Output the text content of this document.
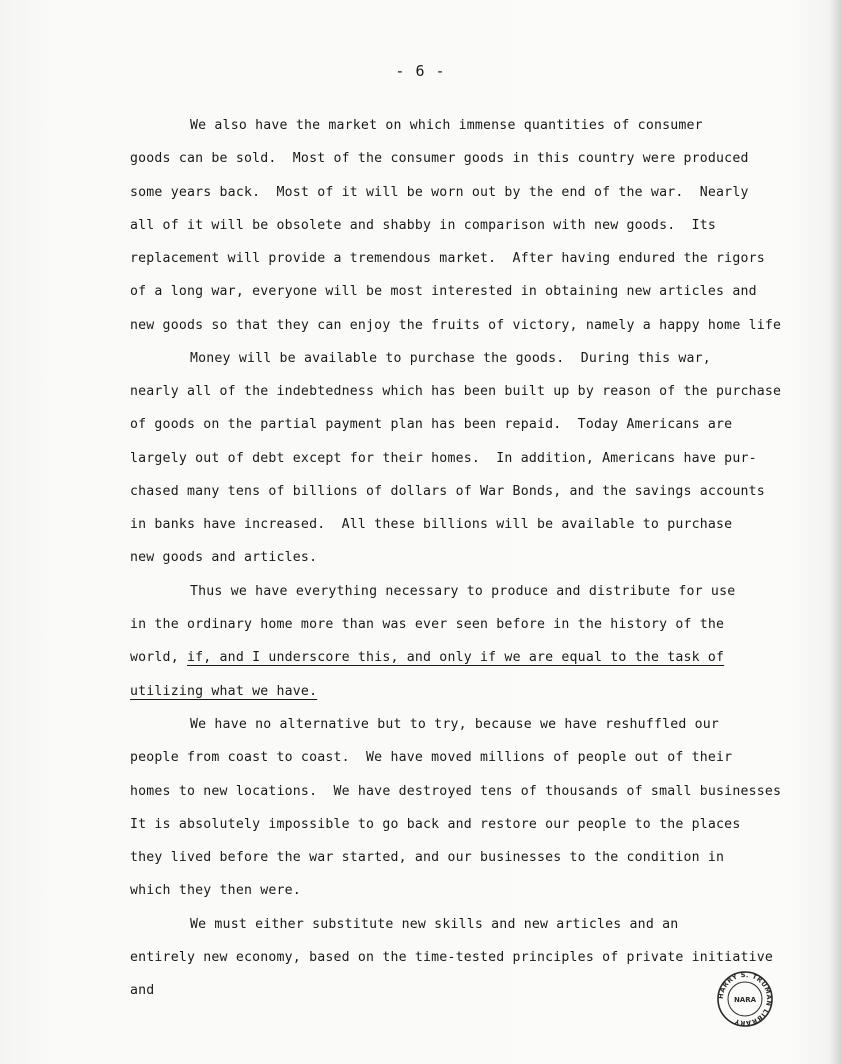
- 6 -
We also have the market on which immense quantities of consumer
goods can be sold.  Most of the consumer goods in this country were produced
some years back.  Most of it will be worn out by the end of the war.  Nearly
all of it will be obsolete and shabby in comparison with new goods.  Its
replacement will provide a tremendous market.  After having endured the rigors
of a long war, everyone will be most interested in obtaining new articles and
new goods so that they can enjoy the fruits of victory, namely a happy home life
Money will be available to purchase the goods.  During this war,
nearly all of the indebtedness which has been built up by reason of the purchase
of goods on the partial payment plan has been repaid.  Today Americans are
largely out of debt except for their homes.  In addition, Americans have pur-
chased many tens of billions of dollars of War Bonds, and the savings accounts
in banks have increased.  All these billions will be available to purchase
new goods and articles.
Thus we have everything necessary to produce and distribute for use
in the ordinary home more than was ever seen before in the history of the
world, if, and I underscore this, and only if we are equal to the task of
utilizing what we have.
We have no alternative but to try, because we have reshuffled our
people from coast to coast.  We have moved millions of people out of their
homes to new locations.  We have destroyed tens of thousands of small businesses
It is absolutely impossible to go back and restore our people to the places
they lived before the war started, and our businesses to the condition in
which they then were.
We must either substitute new skills and new articles and an
entirely new economy, based on the time-tested principles of private initiative
and	HARRY S. TRUMAN LIBRARY
NARA
